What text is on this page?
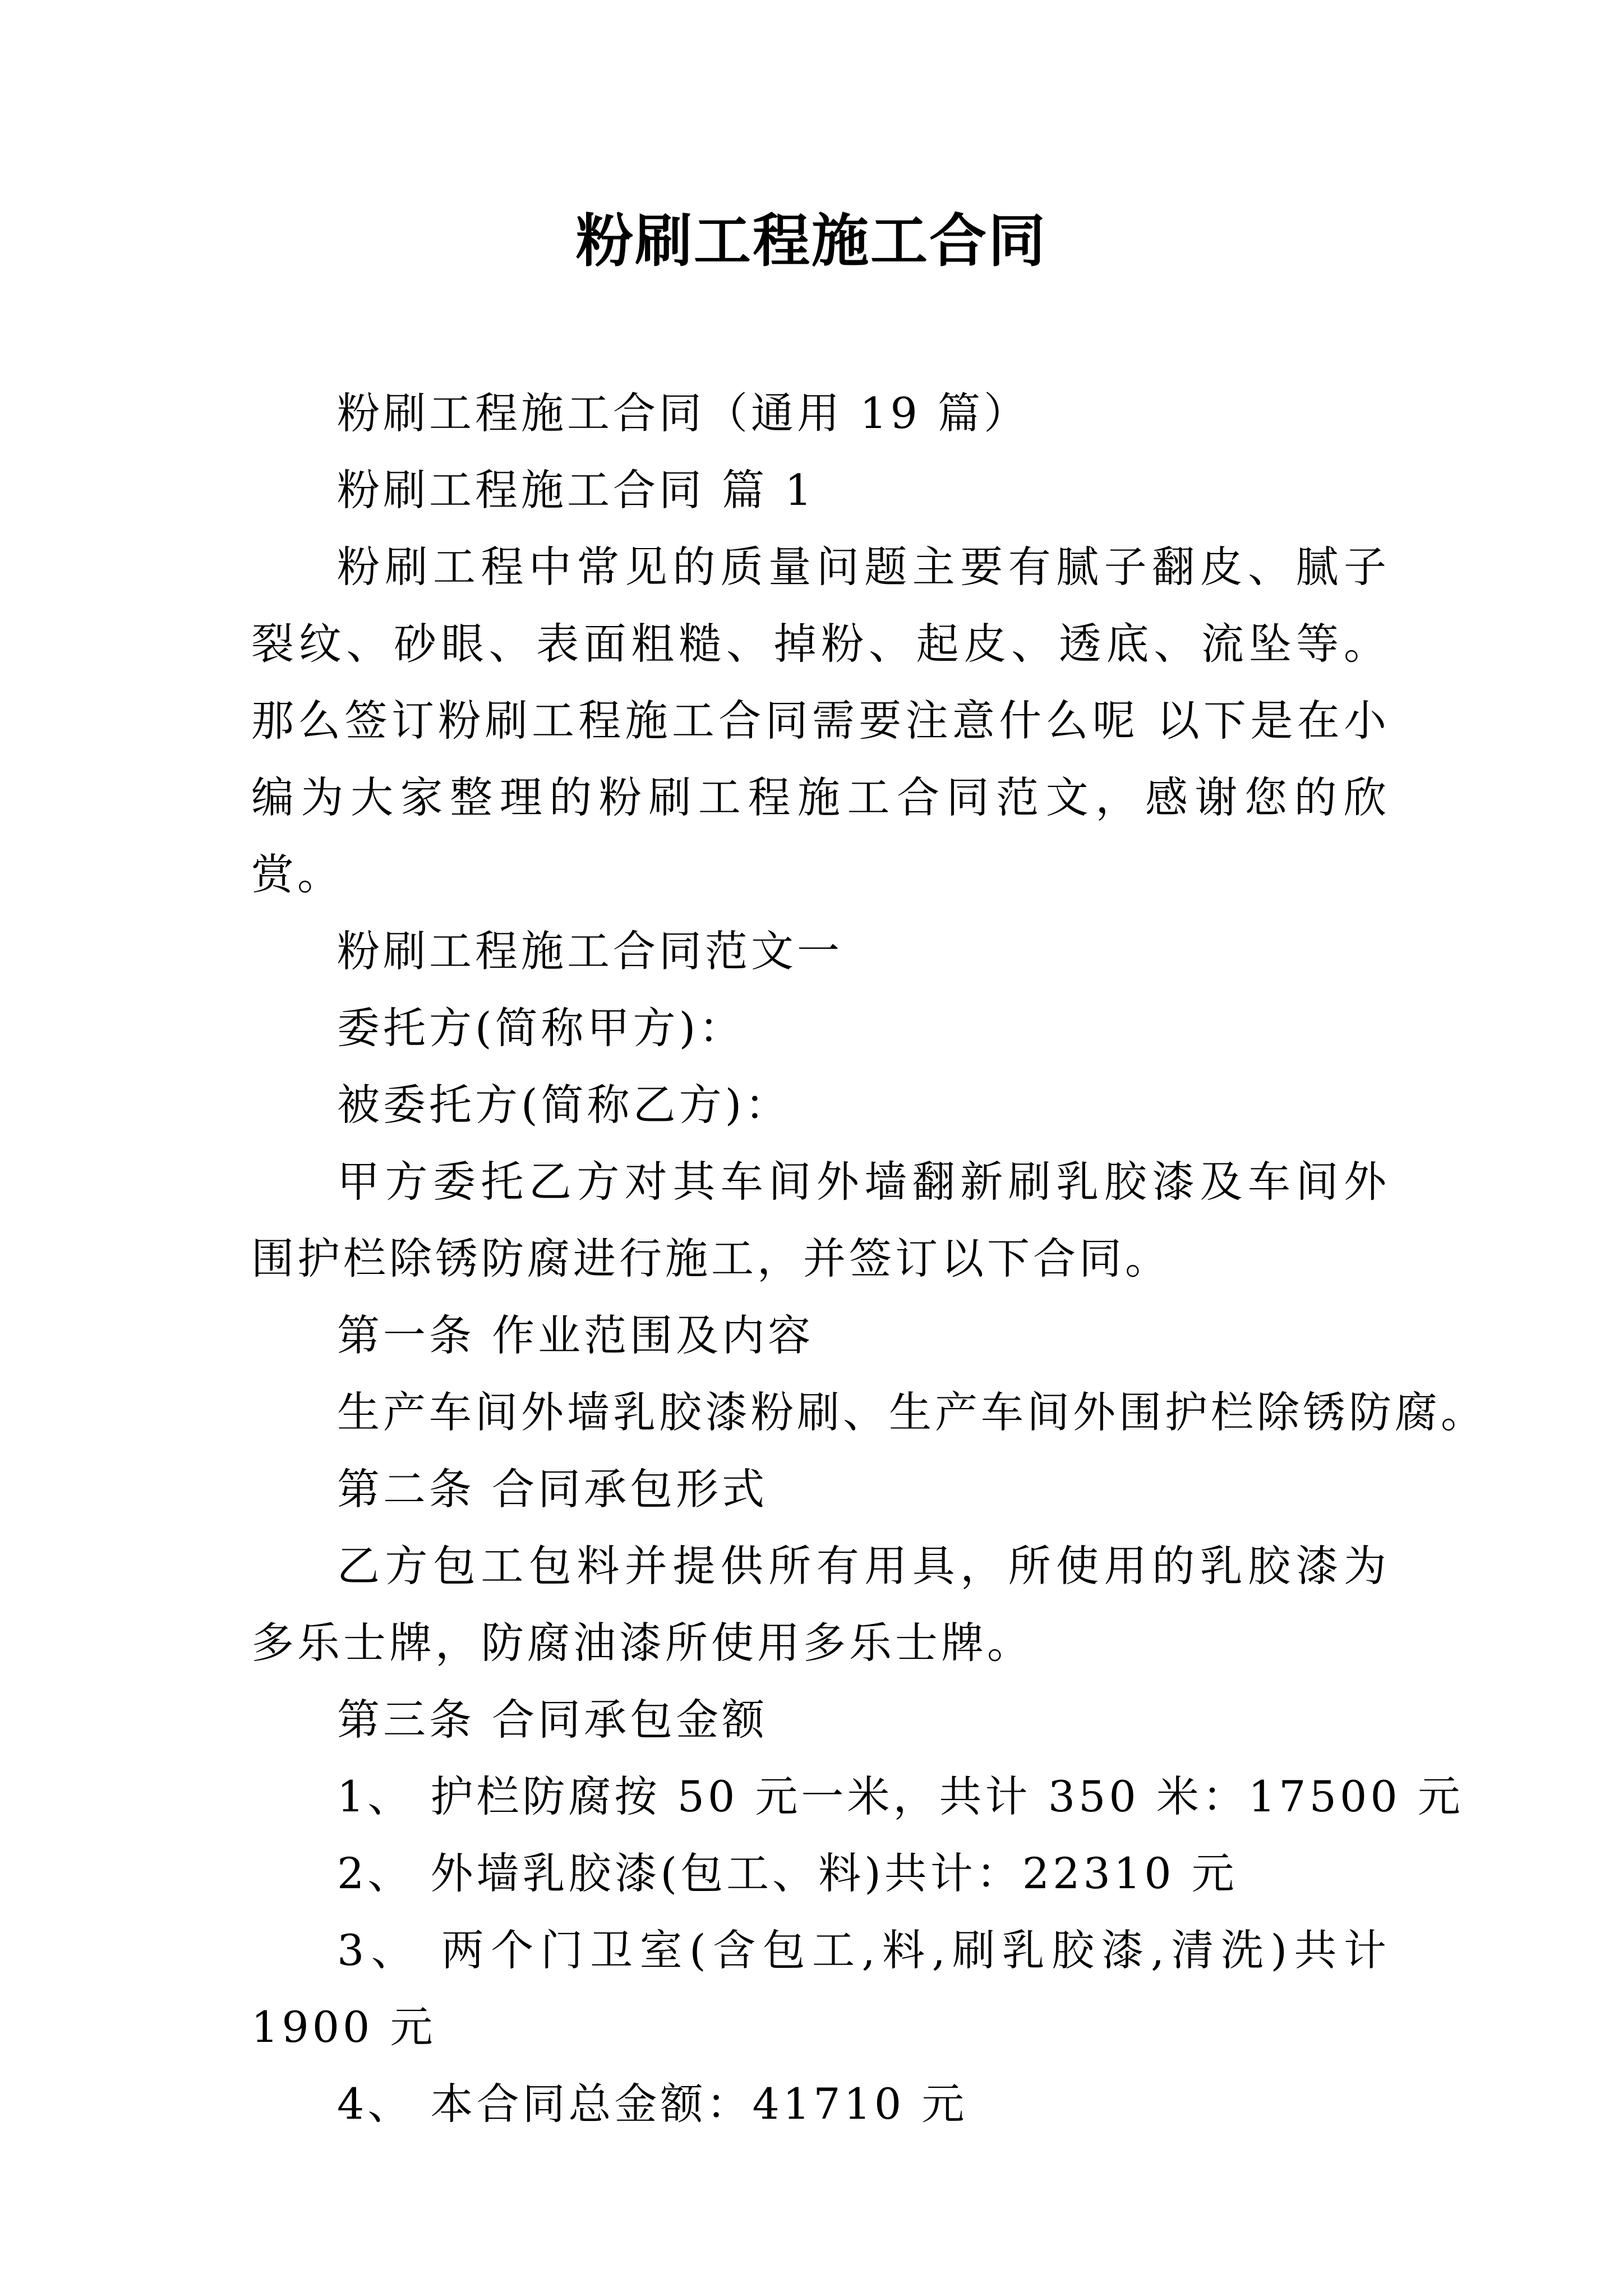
粉刷工程施工合同
粉刷工程施工合同（通用 19 篇）
粉刷工程施工合同 篇 1

粉刷工程中常见的质量问题主要有腻子翻皮、腻子裂纹、砂眼、表面粗糙、掉粉、起皮、透底、流坠等。那么签订粉刷工程施工合同需要注意什么呢 以下是在小编为大家整理的粉刷工程施工合同范文，感谢您的欣赏。

粉刷工程施工合同范文一
委托方(简称甲方)：
被委托方(简称乙方)：

甲方委托乙方对其车间外墙翻新刷乳胶漆及车间外围护栏除锈防腐进行施工，并签订以下合同。

第一条 作业范围及内容
生产车间外墙乳胶漆粉刷、生产车间外围护栏除锈防腐。
第二条 合同承包形式

乙方包工包料并提供所有用具，所使用的乳胶漆为多乐士牌，防腐油漆所使用多乐士牌。

第三条 合同承包金额
1、 护栏防腐按 50 元一米，共计 350 米：17500 元
2、 外墙乳胶漆(包工、料)共计：22310 元

3、 两个门卫室(含包工,料,刷乳胶漆,清洗)共计 1900 元

4、 本合同总金额：41710 元
